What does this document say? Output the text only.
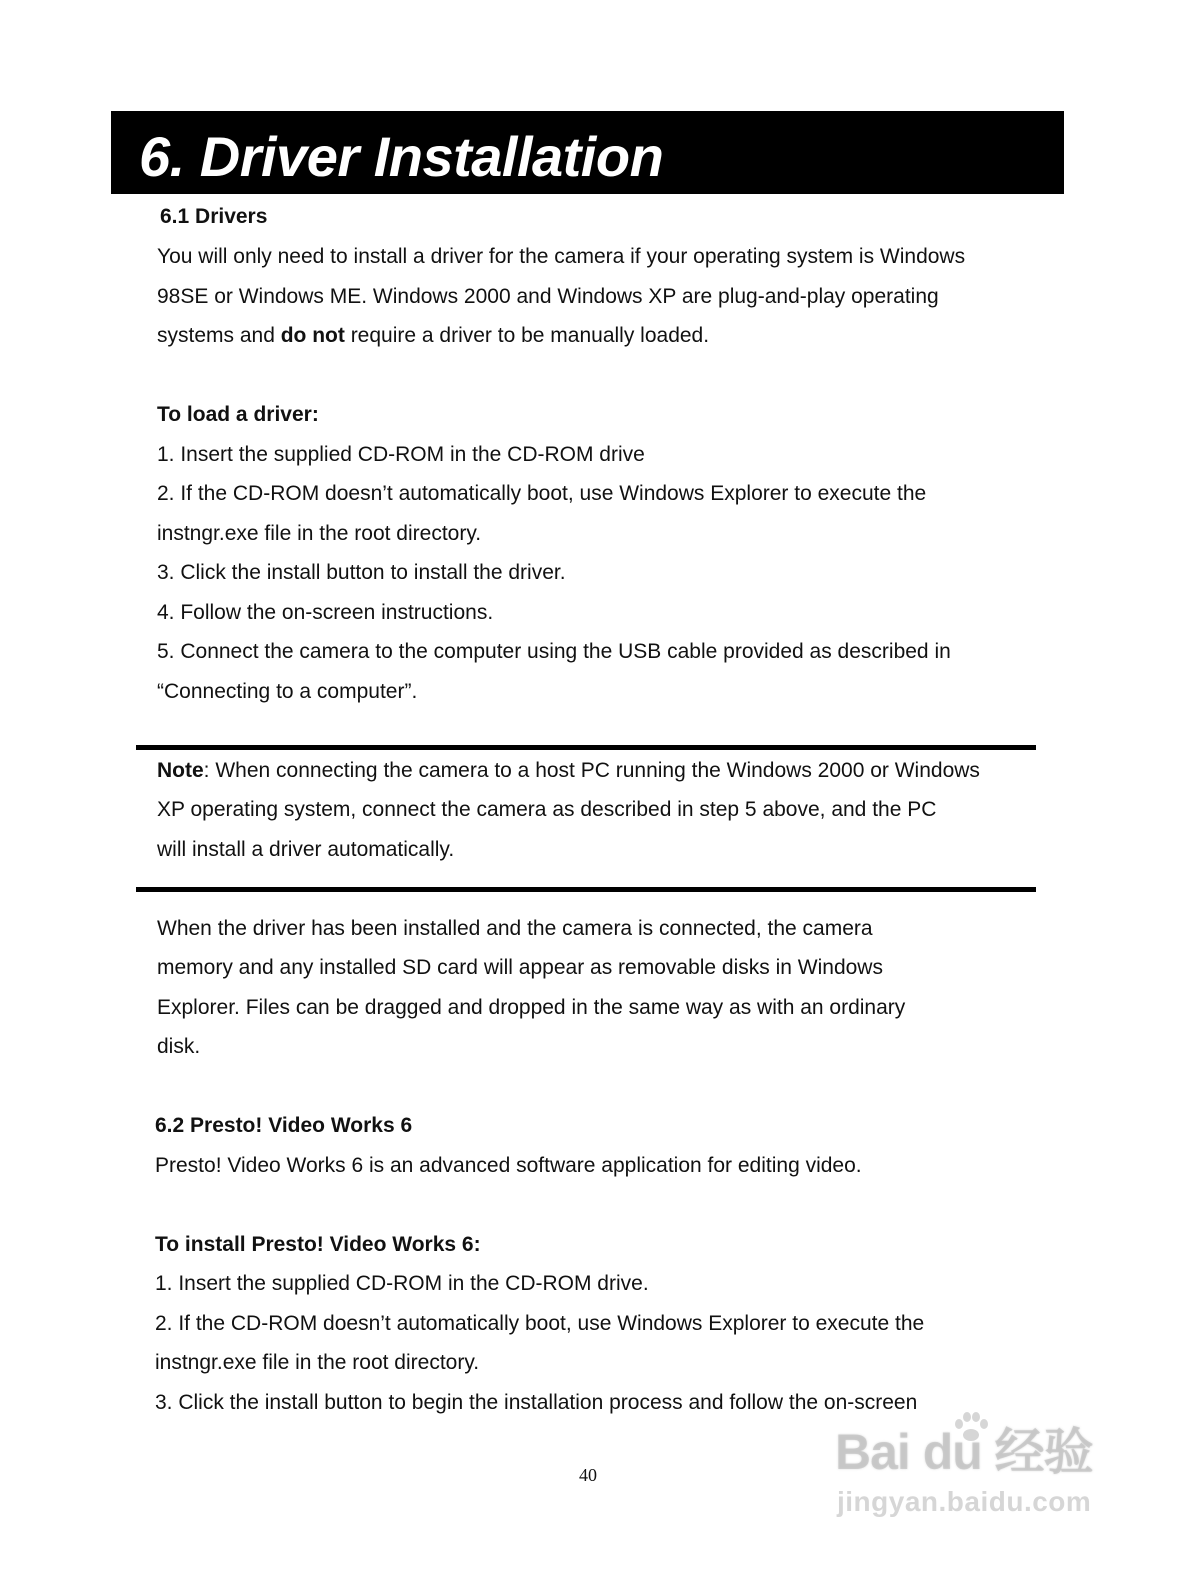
6. Driver Installation

6.1 Drivers

You will only need to install a driver for the camera if your operating system is Windows

98SE or Windows ME. Windows 2000 and Windows XP are plug-and-play operating

systems and do not require a driver to be manually loaded.

To load a driver:

1. Insert the supplied CD-ROM in the CD-ROM drive

2. If the CD-ROM doesn’t automatically boot, use Windows Explorer to execute the

instngr.exe file in the root directory.

3. Click the install button to install the driver.

4. Follow the on-screen instructions.

5. Connect the camera to the computer using the USB cable provided as described in

“Connecting to a computer”.

Note: When connecting the camera to a host PC running the Windows 2000 or Windows

XP operating system, connect the camera as described in step 5 above, and the PC

will install a driver automatically.

When the driver has been installed and the camera is connected, the camera

memory and any installed SD card will appear as removable disks in Windows

Explorer. Files can be dragged and dropped in the same way as with an ordinary

disk.

6.2 Presto! Video Works 6

Presto! Video Works 6 is an advanced software application for editing video.

To install Presto! Video Works 6:

1. Insert the supplied CD-ROM in the CD-ROM drive.

2. If the CD-ROM doesn’t automatically boot, use Windows Explorer to execute the

instngr.exe file in the root directory.

3. Click the install button to begin the installation process and follow the on-screen

40	Bai du 经验
jingyan.baidu.com
